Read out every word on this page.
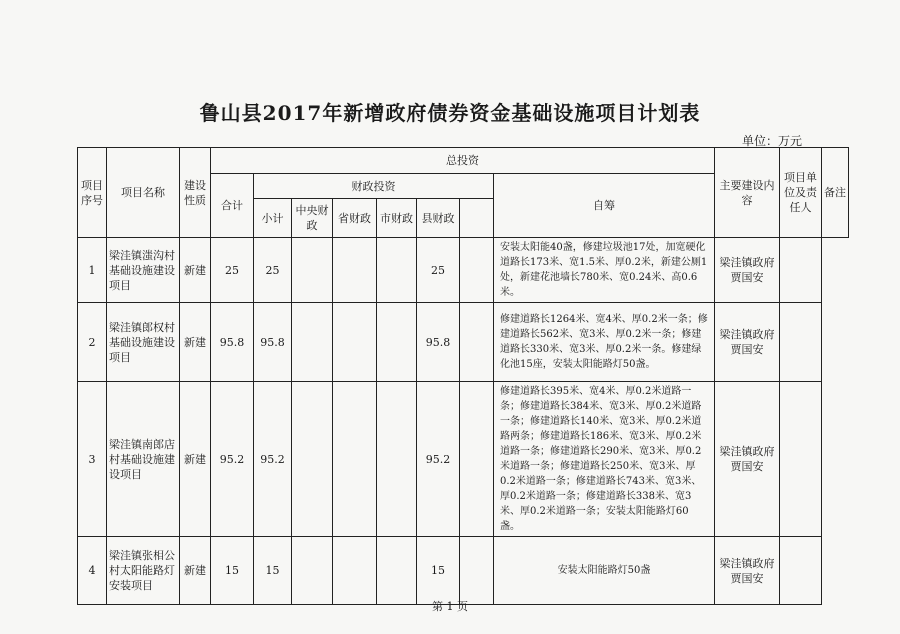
鲁山县2017年新增政府债券资金基础设施项目计划表
单位：万元
项目序号	项目名称	建设性质	总投资								主要建设内容	项目单位及责任人	备注
			合计	财政投资						自筹			
				小计	中央财政	省财政	市财政	县财政					
1	梁洼镇滍沟村基础设施建设项目	新建	25	25				25		安装太阳能40盏，修建垃圾池17处，加宽硬化道路长173米、宽1.5米、厚0.2米，新建公厕1处，新建花池墙长780米、宽0.24米、高0.6米。	梁洼镇政府贾国安		
2	梁洼镇郎权村基础设施建设项目	新建	95.8	95.8				95.8		修建道路长1264米、宽4米、厚0.2米一条；修建道路长562米、宽3米、厚0.2米一条；修建道路长330米、宽3米、厚0.2米一条。修建绿化池15座，安装太阳能路灯50盏。	梁洼镇政府贾国安		
3	梁洼镇南郎店村基础设施建设项目	新建	95.2	95.2				95.2		修建道路长395米、宽4米、厚0.2米道路一条；修建道路长384米、宽3米、厚0.2米道路一条；修建道路长140米、宽3米、厚0.2米道路两条；修建道路长186米、宽3米、厚0.2米道路一条；修建道路长290米、宽3米、厚0.2米道路一条；修建道路长250米、宽3米、厚0.2米道路一条；修建道路长743米、宽3米、厚0.2米道路一条；修建道路长338米、宽3米、厚0.2米道路一条；安装太阳能路灯60盏。	梁洼镇政府贾国安		
4	梁洼镇张相公村太阳能路灯安装项目	新建	15	15				15		安装太阳能路灯50盏	梁洼镇政府贾国安		
第 1 页
